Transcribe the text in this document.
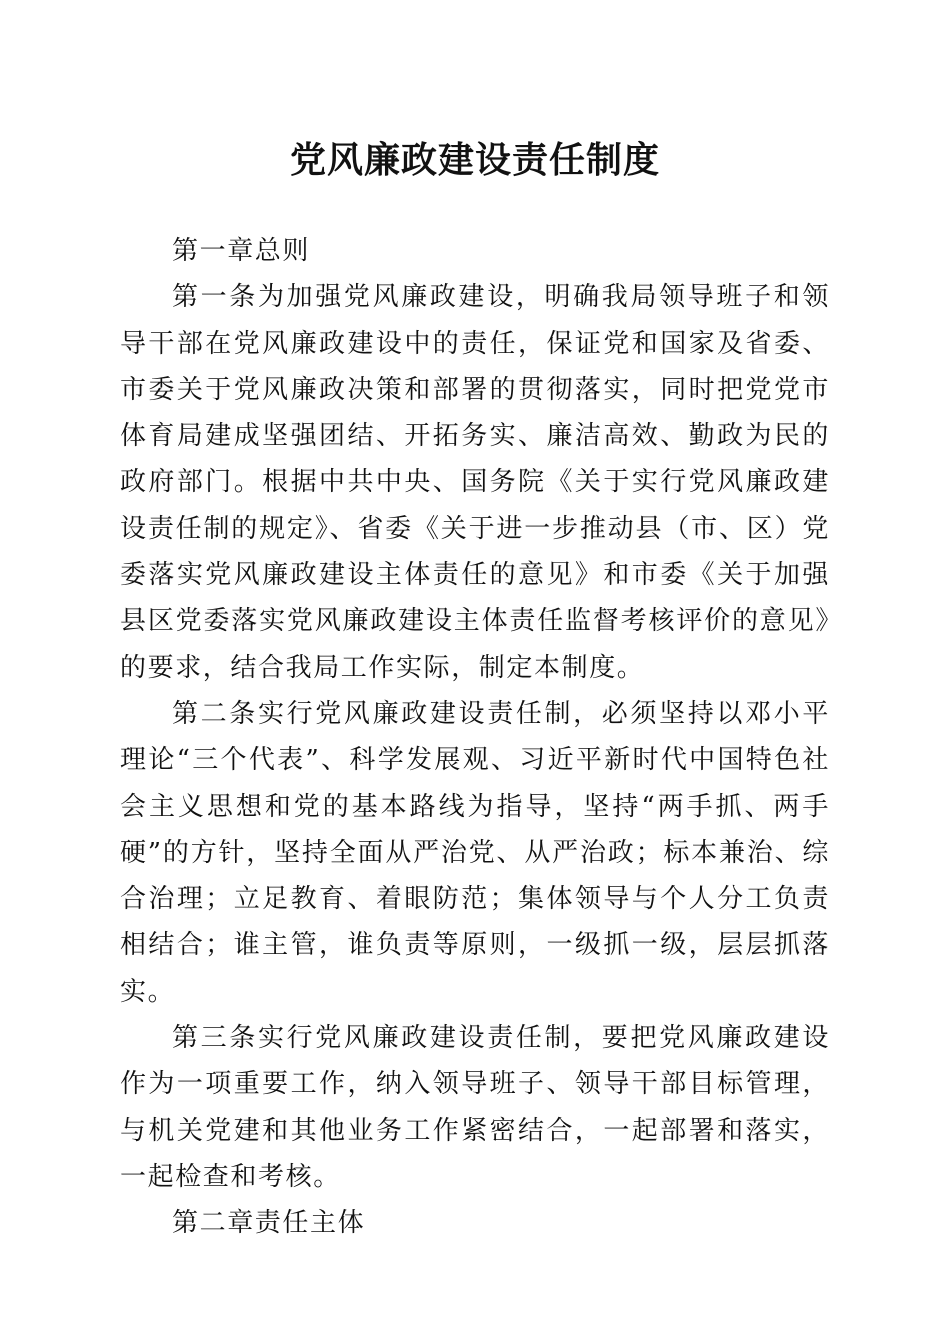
党风廉政建设责任制度

第一章总则

第一条为加强党风廉政建设，明确我局领导班子和领导干部在党风廉政建设中的责任，保证党和国家及省委、市委关于党风廉政决策和部署的贯彻落实，同时把党党市体育局建成坚强团结、开拓务实、廉洁高效、勤政为民的政府部门。根据中共中央、国务院《关于实行党风廉政建设责任制的规定》、省委《关于进一步推动县（市、区）党委落实党风廉政建设主体责任的意见》和市委《关于加强县区党委落实党风廉政建设主体责任监督考核评价的意见》的要求，结合我局工作实际，制定本制度。

第二条实行党风廉政建设责任制，必须坚持以邓小平理论“三个代表”、科学发展观、习近平新时代中国特色社会主义思想和党的基本路线为指导，坚持“两手抓、两手硬”的方针，坚持全面从严治党、从严治政；标本兼治、综合治理；立足教育、着眼防范；集体领导与个人分工负责相结合；谁主管，谁负责等原则，一级抓一级，层层抓落实。

第三条实行党风廉政建设责任制，要把党风廉政建设作为一项重要工作，纳入领导班子、领导干部目标管理，与机关党建和其他业务工作紧密结合，一起部署和落实，一起检查和考核。

第二章责任主体
